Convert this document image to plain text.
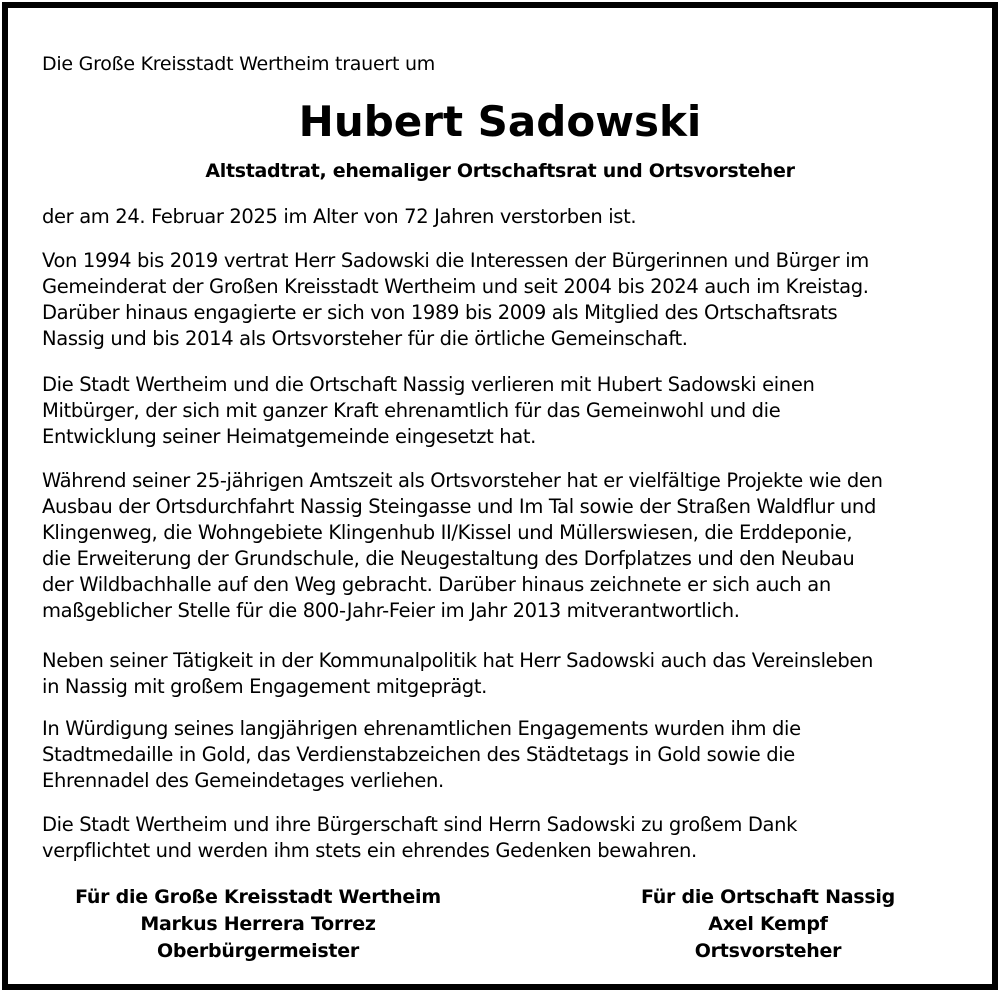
Die Große Kreisstadt Wertheim trauert um
Hubert Sadowski
Altstadtrat, ehemaliger Ortschaftsrat und Ortsvorsteher

der am 24. Februar 2025 im Alter von 72 Jahren verstorben ist.

Von 1994 bis 2019 vertrat Herr Sadowski die Interessen der Bürgerinnen und Bürger im
Gemeinderat der Großen Kreisstadt Wertheim und seit 2004 bis 2024 auch im Kreistag.
Darüber hinaus engagierte er sich von 1989 bis 2009 als Mitglied des Ortschaftsrats
Nassig und bis 2014 als Ortsvorsteher für die örtliche Gemeinschaft.

Die Stadt Wertheim und die Ortschaft Nassig verlieren mit Hubert Sadowski einen
Mitbürger, der sich mit ganzer Kraft ehrenamtlich für das Gemeinwohl und die
Entwicklung seiner Heimatgemeinde eingesetzt hat.

Während seiner 25-jährigen Amtszeit als Ortsvorsteher hat er vielfältige Projekte wie den
Ausbau der Ortsdurchfahrt Nassig Steingasse und Im Tal sowie der Straßen Waldflur und
Klingenweg, die Wohngebiete Klingenhub II/Kissel und Müllerswiesen, die Erddeponie,
die Erweiterung der Grundschule, die Neugestaltung des Dorfplatzes und den Neubau
der Wildbachhalle auf den Weg gebracht. Darüber hinaus zeichnete er sich auch an
maßgeblicher Stelle für die 800-Jahr-Feier im Jahr 2013 mitverantwortlich.

Neben seiner Tätigkeit in der Kommunalpolitik hat Herr Sadowski auch das Vereinsleben
in Nassig mit großem Engagement mitgeprägt.

In Würdigung seines langjährigen ehrenamtlichen Engagements wurden ihm die
Stadtmedaille in Gold, das Verdienstabzeichen des Städtetags in Gold sowie die
Ehrennadel des Gemeindetages verliehen.

Die Stadt Wertheim und ihre Bürgerschaft sind Herrn Sadowski zu großem Dank
verpflichtet und werden ihm stets ein ehrendes Gedenken bewahren.

Für die Große Kreisstadt Wertheim
Markus Herrera Torrez
Oberbürgermeister
Für die Ortschaft Nassig
Axel Kempf
Ortsvorsteher
